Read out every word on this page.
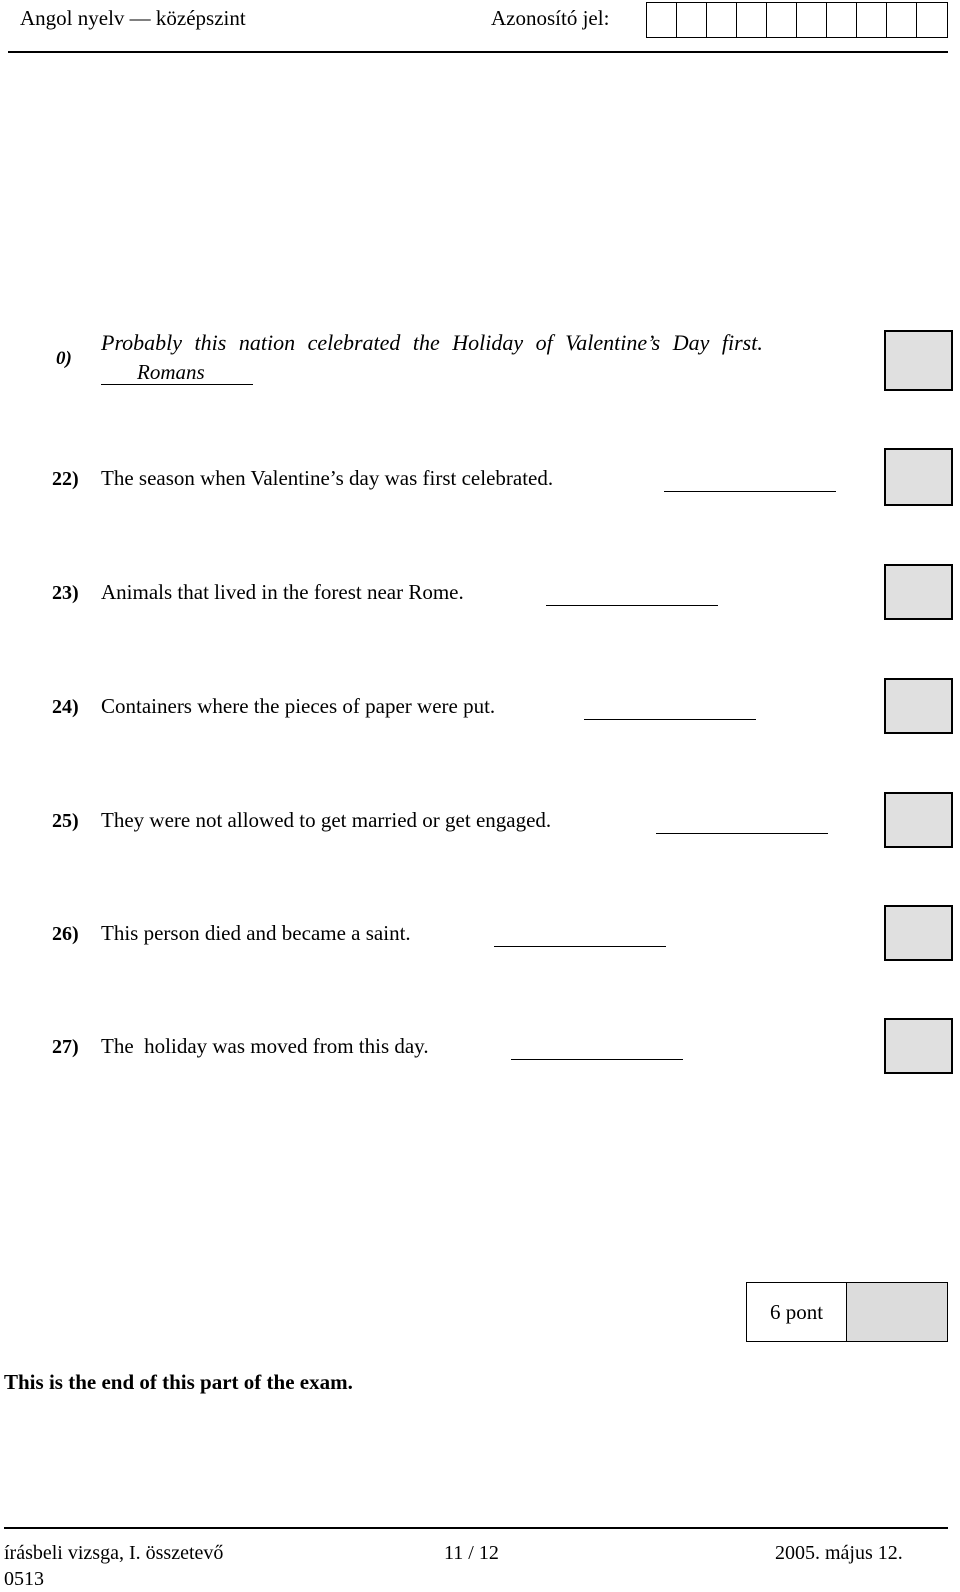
Angol nyelv — középszint	Azonosító jel:
0)
Probably this nation celebrated the Holiday of Valentine’s Day first.
Romans
22) The season when Valentine’s day was first celebrated.
23) Animals that lived in the forest near Rome.
24) Containers where the pieces of paper were put.
25) They were not allowed to get married or get engaged.
26) This person died and became a saint.
27) The  holiday was moved from this day.
6 pont
This is the end of this part of the exam.
írásbeli vizsga, I. összetevő	11 / 12	2005. május 12.
0513
